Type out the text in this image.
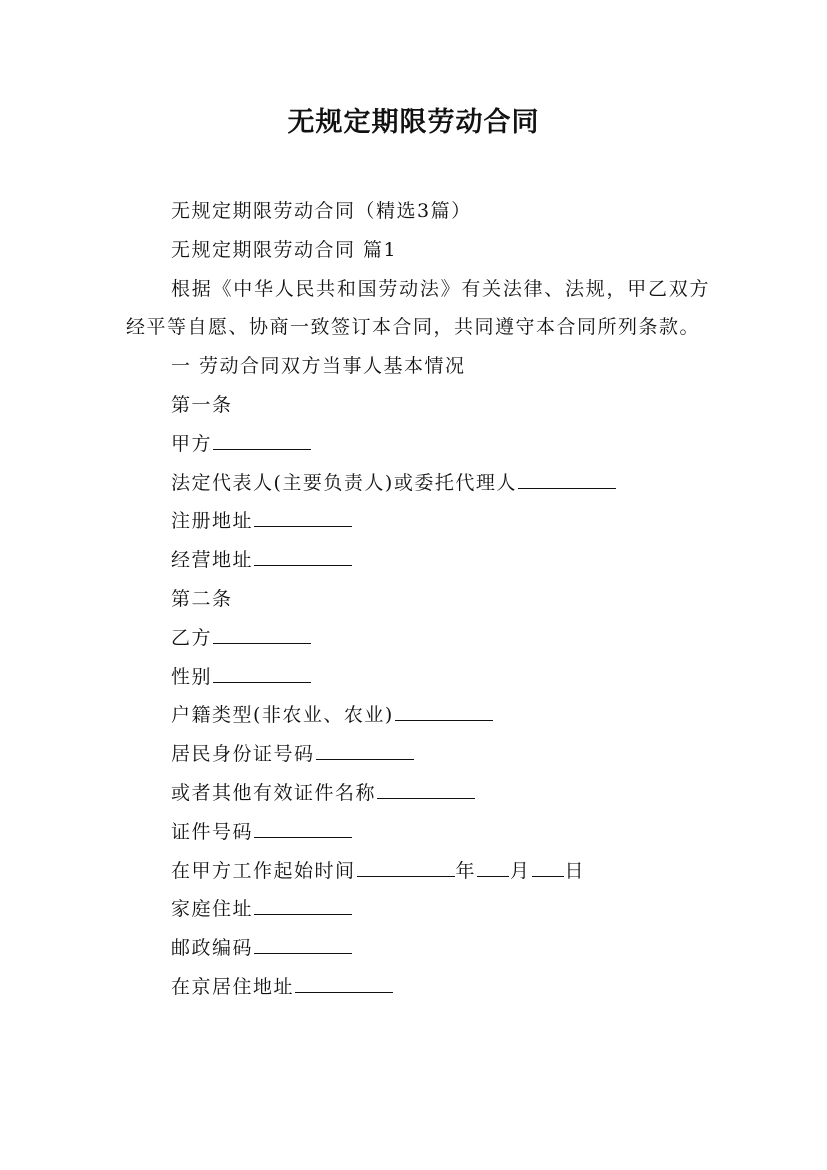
无规定期限劳动合同

无规定期限劳动合同（精选3篇）

无规定期限劳动合同 篇1

根据《中华人民共和国劳动法》有关法律、法规，甲乙双方经平等自愿、协商一致签订本合同，共同遵守本合同所列条款。

一 劳动合同双方当事人基本情况

第一条

甲方

法定代表人(主要负责人)或委托代理人

注册地址

经营地址

第二条

乙方

性别

户籍类型(非农业、农业)

居民身份证号码

或者其他有效证件名称

证件号码

在甲方工作起始时间	年 月 日

家庭住址

邮政编码

在京居住地址
